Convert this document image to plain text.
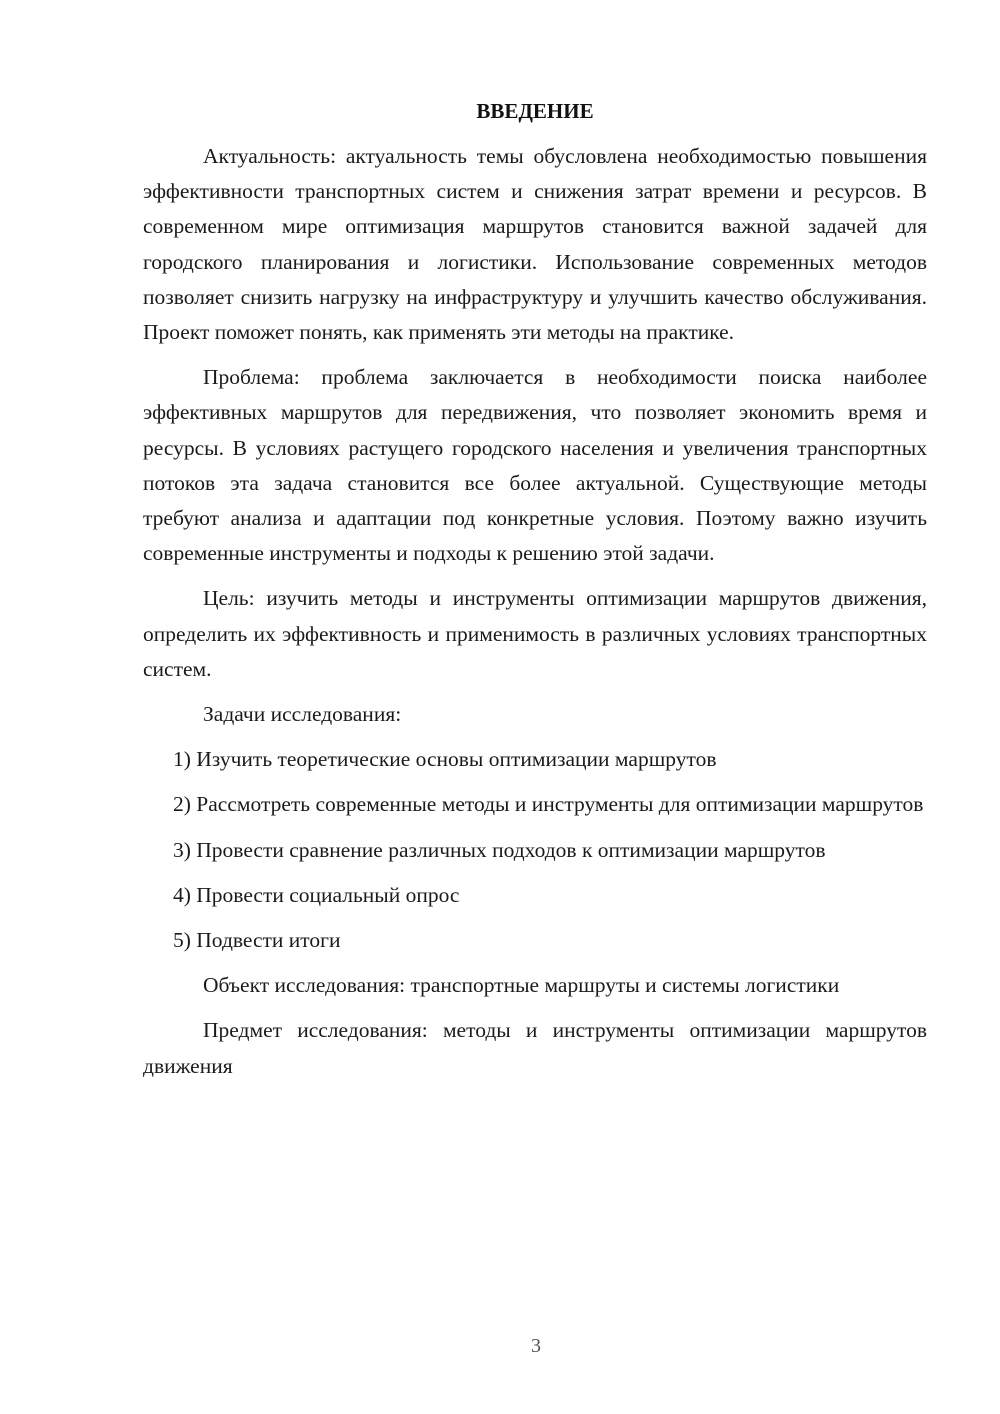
ВВЕДЕНИЕ

Актуальность: актуальность темы обусловлена необходимостью повышения эффективности транспортных систем и снижения затрат времени и ресурсов. В современном мире оптимизация маршрутов становится важной задачей для городского планирования и логистики. Использование современных методов позволяет снизить нагрузку на инфраструктуру и улучшить качество обслуживания. Проект поможет понять, как применять эти методы на практике.

Проблема: проблема заключается в необходимости поиска наиболее эффективных маршрутов для передвижения, что позволяет экономить время и ресурсы. В условиях растущего городского населения и увеличения транспортных потоков эта задача становится все более актуальной. Существующие методы требуют анализа и адаптации под конкретные условия. Поэтому важно изучить современные инструменты и подходы к решению этой задачи.

Цель: изучить методы и инструменты оптимизации маршрутов движения, определить их эффективность и применимость в различных условиях транспортных систем.

Задачи исследования:

1) Изучить теоретические основы оптимизации маршрутов

2) Рассмотреть современные методы и инструменты для оптимизации маршрутов

3) Провести сравнение различных подходов к оптимизации маршрутов

4) Провести социальный опрос

5) Подвести итоги

Объект исследования: транспортные маршруты и системы логистики

Предмет исследования: методы и инструменты оптимизации маршрутов движения

3
